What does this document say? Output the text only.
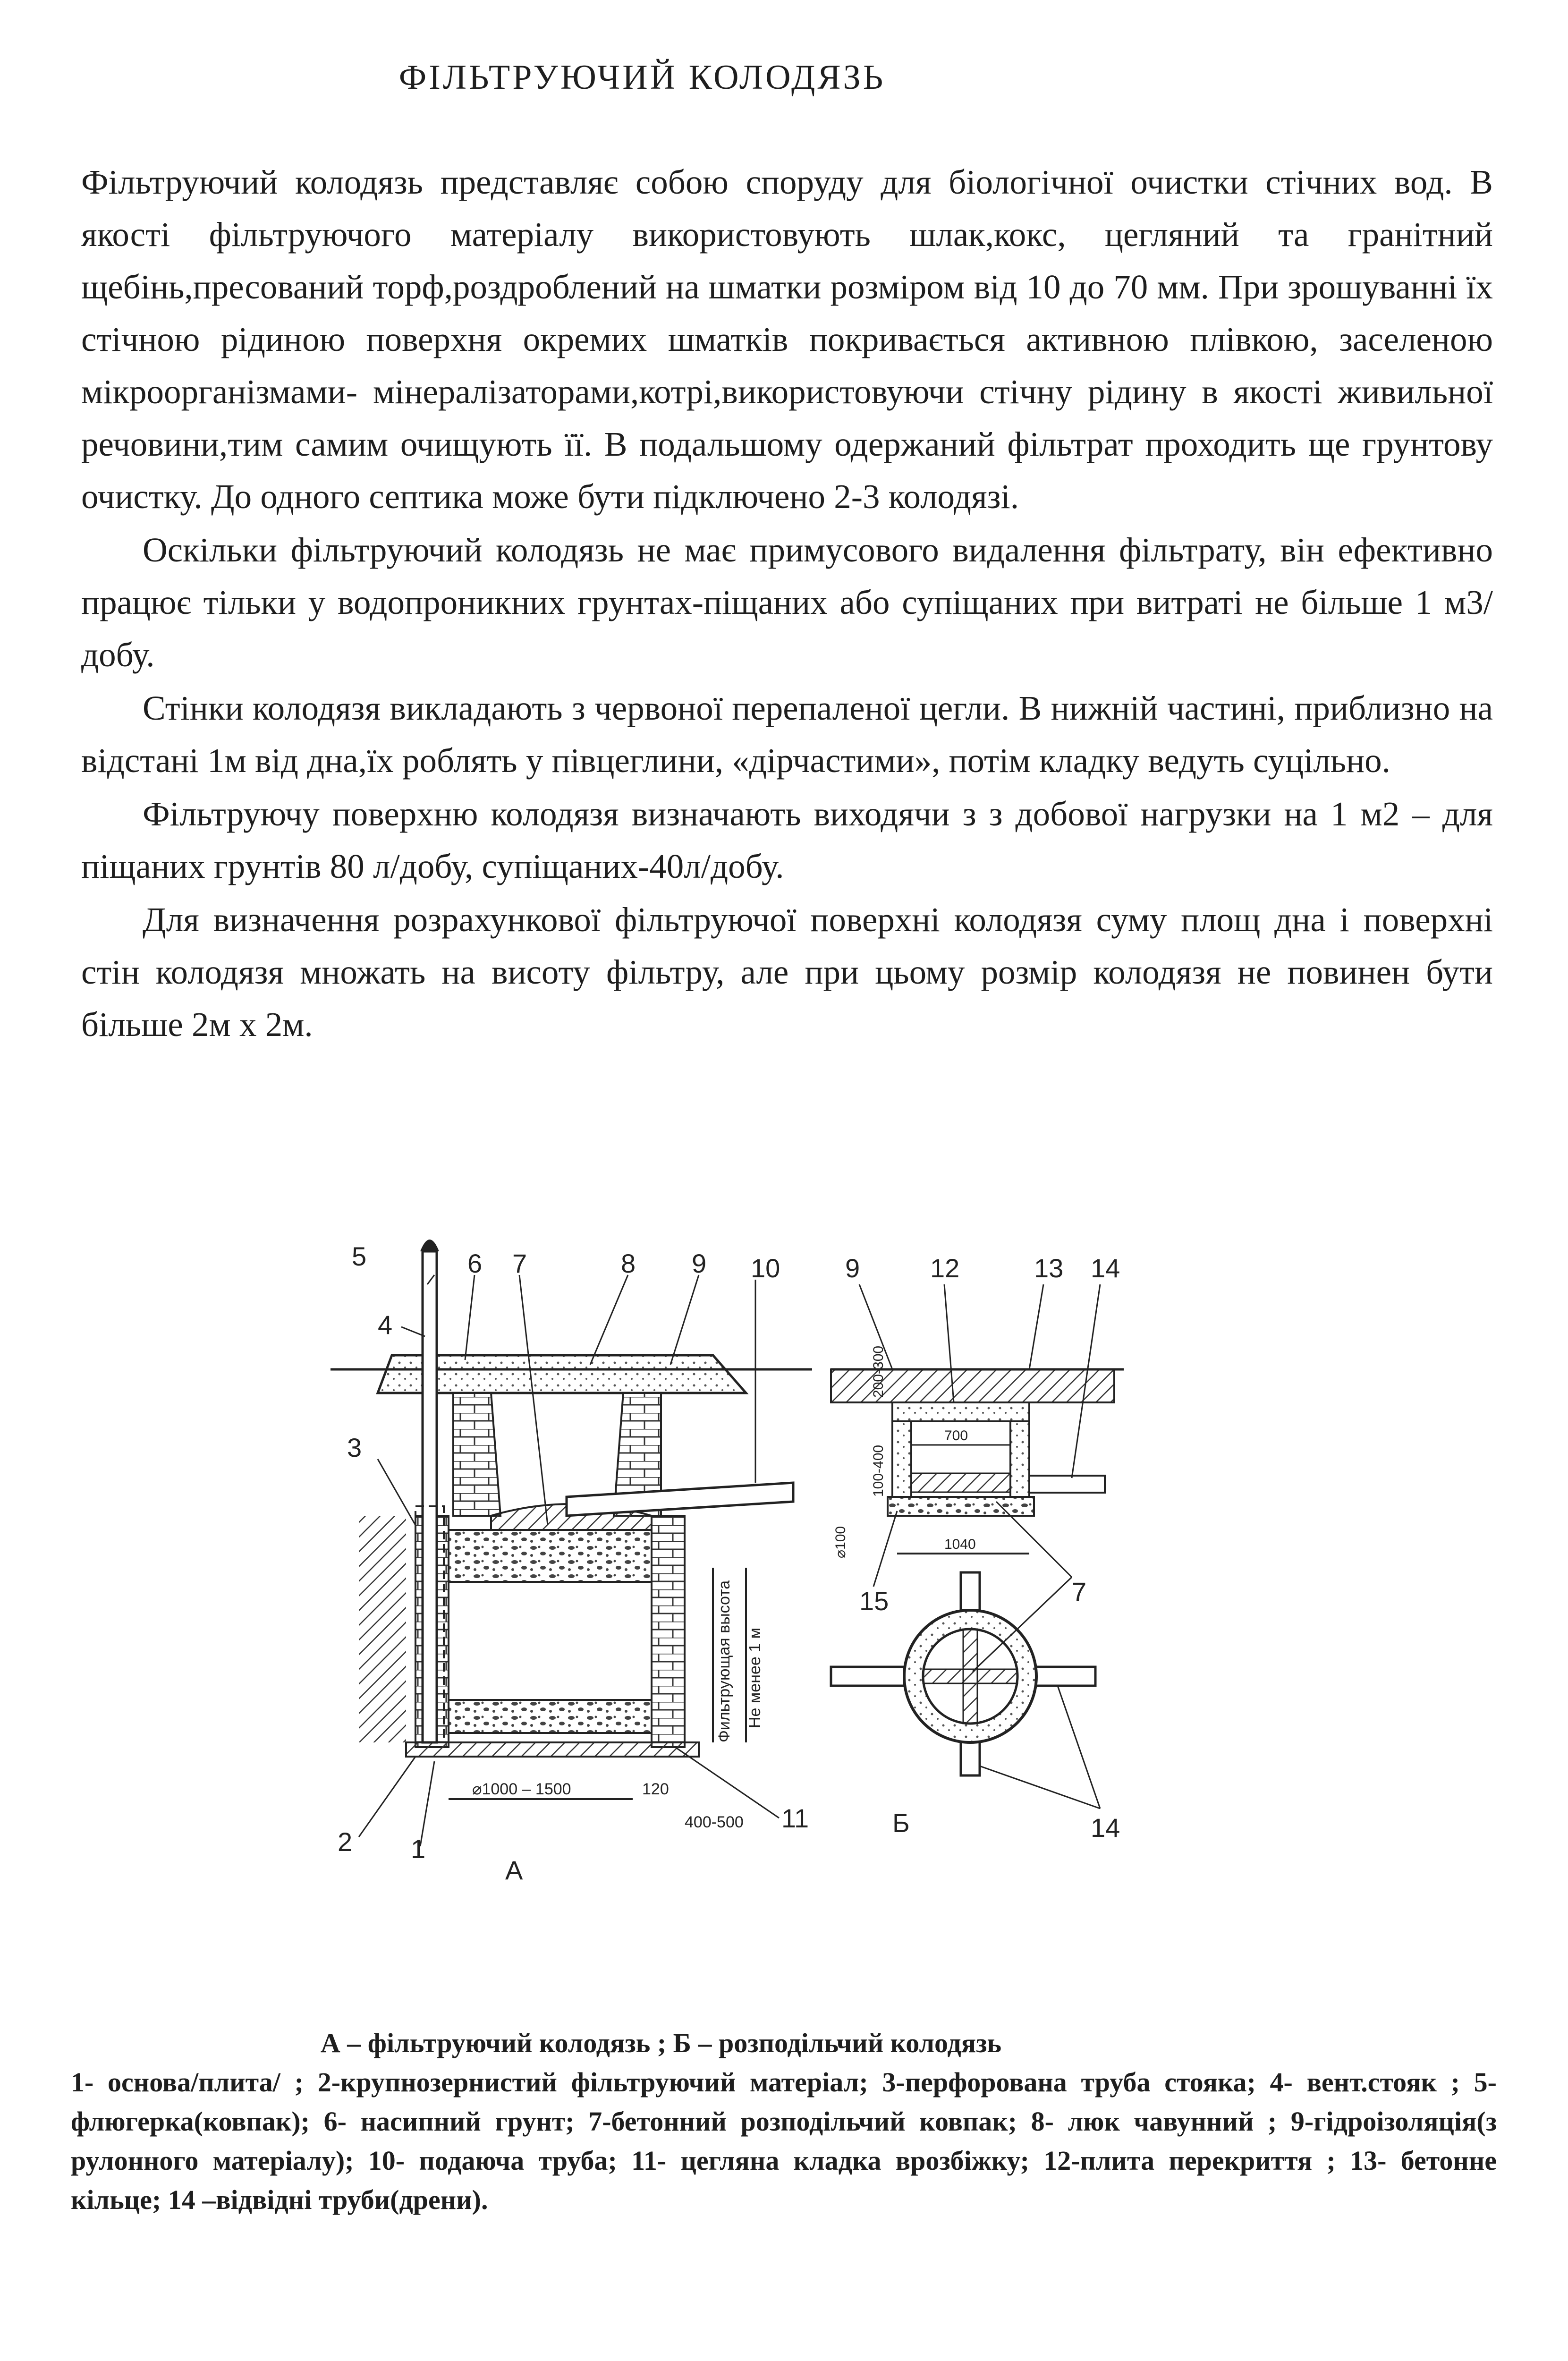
ФІЛЬТРУЮЧИЙ КОЛОДЯЗЬ

Фільтруючий колодязь представляє собою споруду для біологічної очистки стічних вод. В якості фільтруючого матеріалу використовують шлак,кокс, цегляний та гранітний щебінь,пресований торф,роздроблений на шматки розміром від 10 до 70 мм. При зрошуванні їх стічною рідиною поверхня окремих шматків покривається активною плівкою, заселеною мікроорганізмами- мінералізаторами,котрі,використовуючи стічну рідину в якості живильної речовини,тим самим очищують її. В подальшому одержаний фільтрат проходить ще грунтову очистку. До одного септика може бути підключено 2-3 колодязі.

Оскільки фільтруючий колодязь не має примусового видалення фільтрату, він ефективно працює тільки у водопроникних грунтах-піщаних або супіщаних при витраті не більше 1 м3/добу.

Стінки колодязя викладають з червоної перепаленої цегли. В нижній частині, приблизно на відстані 1м від дна,їх роблять у півцеглини, «дірчастими», потім кладку ведуть суцільно.

Фільтруючу поверхню колодязя визначають виходячи з з добової нагрузки на 1 м2 – для піщаних грунтів 80 л/добу, супіщаних-40л/добу.

Для визначення розрахункової фільтруючої поверхні колодязя суму площ дна і поверхні стін колодязя множать на висоту фільтру, але при цьому розмір колодязя не повинен бути більше 2м х 2м.

5
4
3
6 7	8 9 10
11
2 1
А
⌀1000 – 1500	120
400-500
Не менее 1 м
Фильтрующая высота
9	12	13 14
7
15
14
Б
200-300
100-400
700
1040
⌀100
А – фільтруючий колодязь ; Б – розподільчий колодязь
1- основа/плита/ ; 2-крупнозернистий фільтруючий матеріал; 3-перфорована труба стояка; 4- вент.стояк ; 5- флюгерка(ковпак); 6- насипний грунт; 7-бетонний розподільчий ковпак; 8- люк чавунний ; 9-гідроізоляція(з рулонного матеріалу); 10- подаюча труба; 11- цегляна кладка врозбіжку; 12-плита перекриття ; 13- бетонне кільце; 14 –відвідні труби(дрени).
